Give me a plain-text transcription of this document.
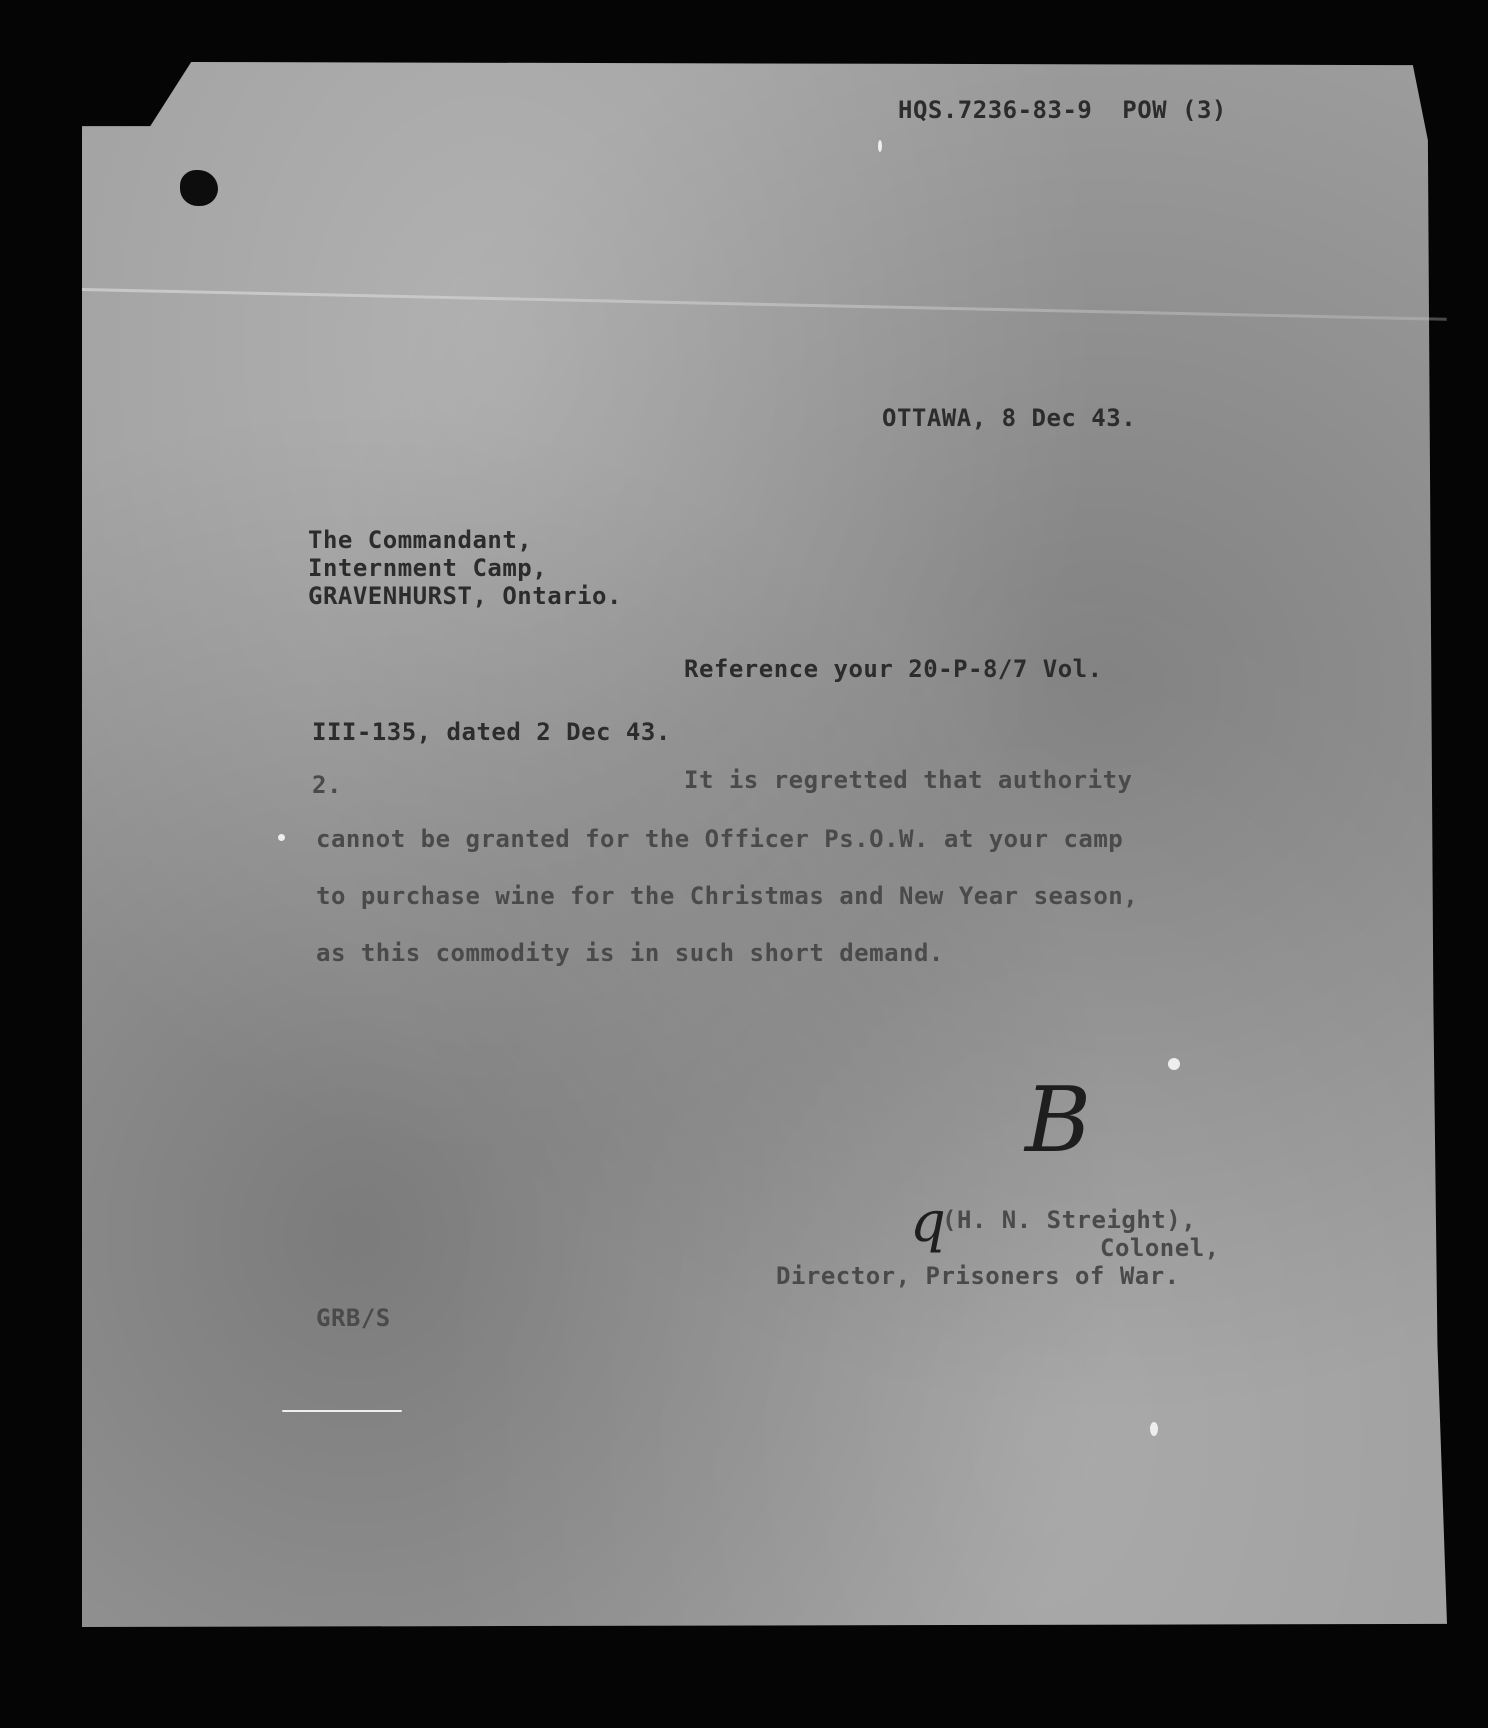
HQS.7236-83-9  POW (3)
OTTAWA, 8 Dec 43.
The Commandant,
Internment Camp,
GRAVENHURST, Ontario.
Reference your 20-P-8/7 Vol.
III-135, dated 2 Dec 43.
2.	It is regretted that authority
cannot be granted for the Officer Ps.O.W. at your camp
to purchase wine for the Christmas and New Year season,
as this commodity is in such short demand.
B
q
(H. N. Streight),
Colonel,
Director, Prisoners of War.
GRB/S
